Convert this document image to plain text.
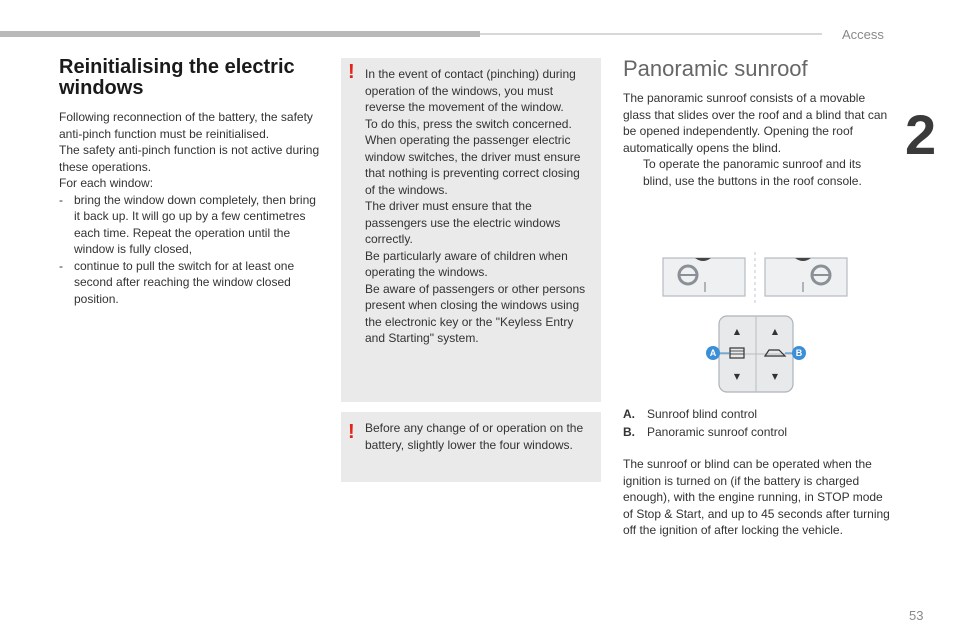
Access
2
53
Reinitialising the electric windows

Following reconnection of the battery, the safety anti-pinch function must be reinitialised.

The safety anti-pinch function is not active during these operations.

For each window:

- bring the window down completely, then bring it back up. It will go up by a few centimetres each time. Repeat the operation until the window is fully closed,
- continue to pull the switch for at least one second after reaching the window closed position.
! In the event of contact (pinching) during operation of the windows, you must reverse the movement of the window.
To do this, press the switch concerned.
When operating the passenger electric window switches, the driver must ensure that nothing is preventing correct closing of the windows.
The driver must ensure that the passengers use the electric windows correctly.
Be particularly aware of children when operating the windows.
Be aware of passengers or other persons present when closing the windows using the electronic key or the "Keyless Entry and Starting" system.
! Before any change of or operation on the battery, slightly lower the four windows.
Panoramic sunroof

The panoramic sunroof consists of a movable glass that slides over the roof and a blind that can be opened independently. Opening the roof automatically opens the blind.

To operate the panoramic sunroof and its blind, use the buttons in the roof console.
▲	▲
▼	▼
A	B
A.	Sunroof blind control
B.	Panoramic sunroof control

The sunroof or blind can be operated when the ignition is turned on (if the battery is charged enough), with the engine running, in STOP mode of Stop & Start, and up to 45 seconds after turning off the ignition of after locking the vehicle.
